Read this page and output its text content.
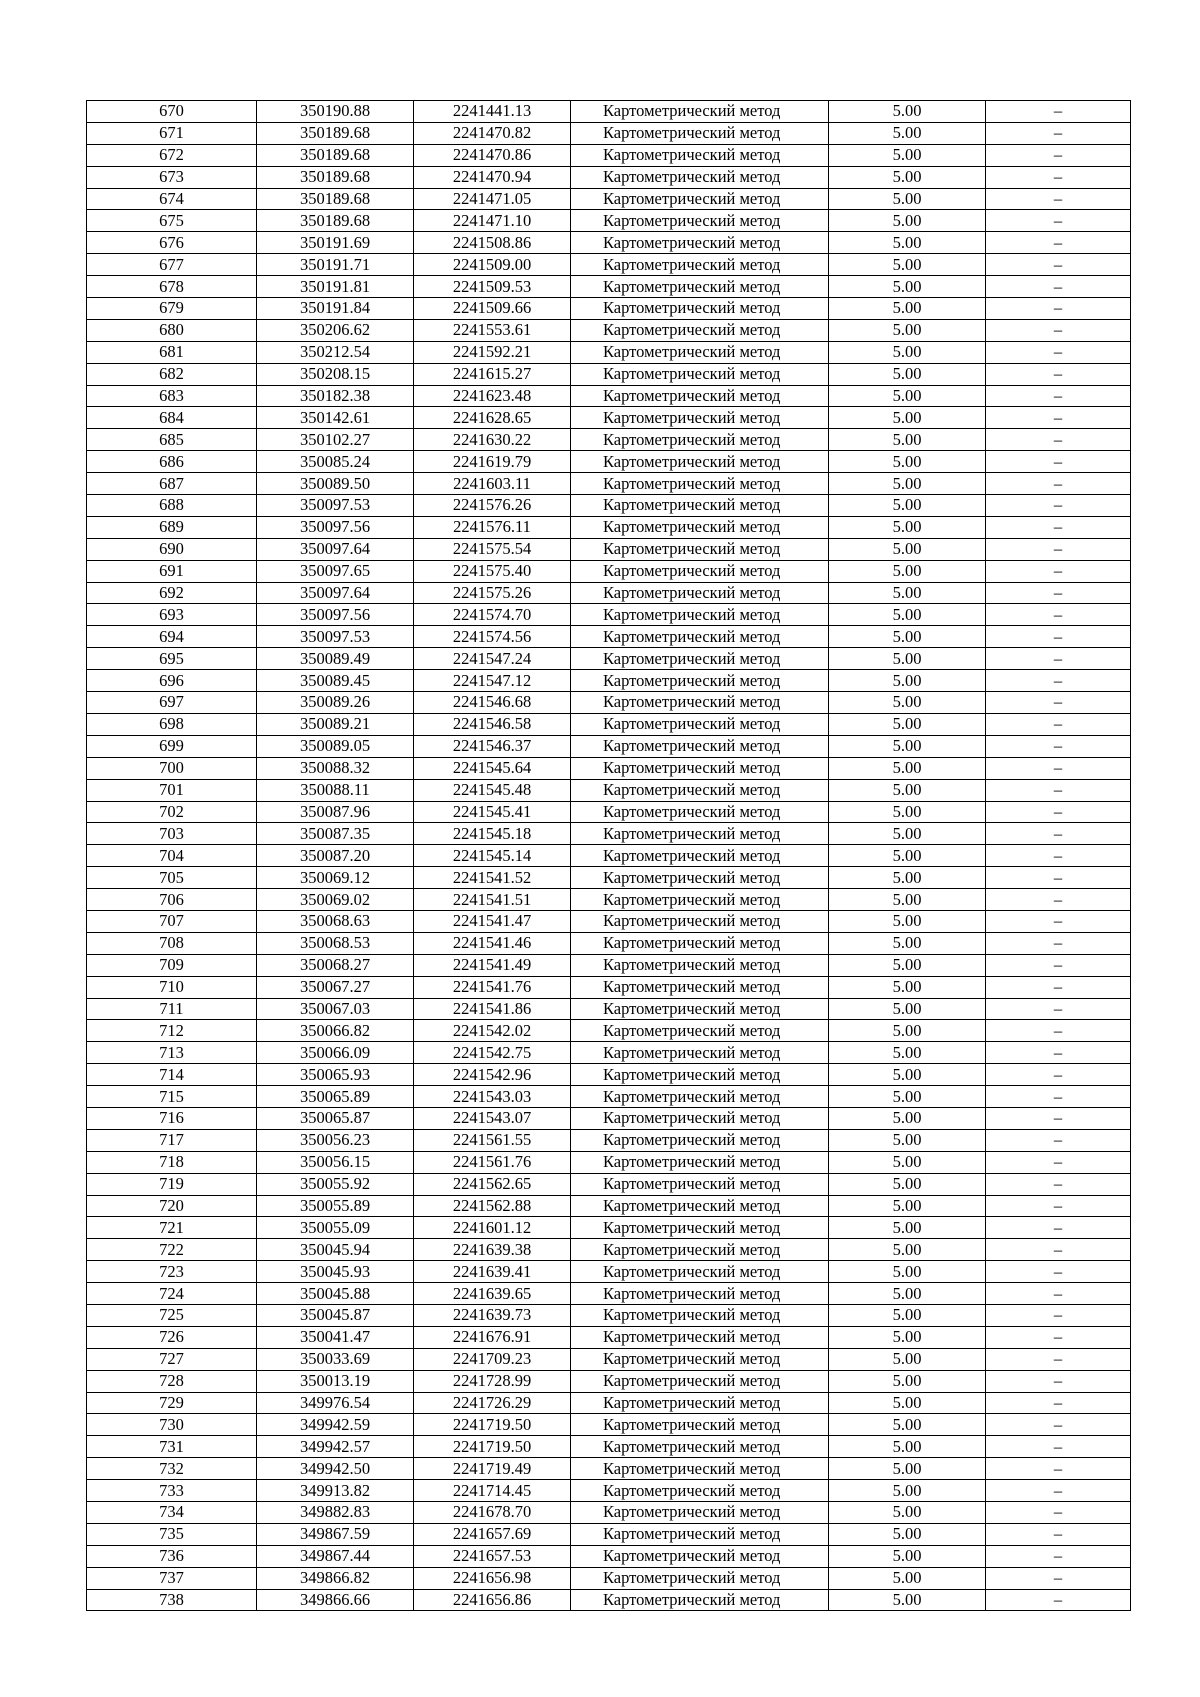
670	350190.88	2241441.13	Картометрический метод	5.00	–
671	350189.68	2241470.82	Картометрический метод	5.00	–
672	350189.68	2241470.86	Картометрический метод	5.00	–
673	350189.68	2241470.94	Картометрический метод	5.00	–
674	350189.68	2241471.05	Картометрический метод	5.00	–
675	350189.68	2241471.10	Картометрический метод	5.00	–
676	350191.69	2241508.86	Картометрический метод	5.00	–
677	350191.71	2241509.00	Картометрический метод	5.00	–
678	350191.81	2241509.53	Картометрический метод	5.00	–
679	350191.84	2241509.66	Картометрический метод	5.00	–
680	350206.62	2241553.61	Картометрический метод	5.00	–
681	350212.54	2241592.21	Картометрический метод	5.00	–
682	350208.15	2241615.27	Картометрический метод	5.00	–
683	350182.38	2241623.48	Картометрический метод	5.00	–
684	350142.61	2241628.65	Картометрический метод	5.00	–
685	350102.27	2241630.22	Картометрический метод	5.00	–
686	350085.24	2241619.79	Картометрический метод	5.00	–
687	350089.50	2241603.11	Картометрический метод	5.00	–
688	350097.53	2241576.26	Картометрический метод	5.00	–
689	350097.56	2241576.11	Картометрический метод	5.00	–
690	350097.64	2241575.54	Картометрический метод	5.00	–
691	350097.65	2241575.40	Картометрический метод	5.00	–
692	350097.64	2241575.26	Картометрический метод	5.00	–
693	350097.56	2241574.70	Картометрический метод	5.00	–
694	350097.53	2241574.56	Картометрический метод	5.00	–
695	350089.49	2241547.24	Картометрический метод	5.00	–
696	350089.45	2241547.12	Картометрический метод	5.00	–
697	350089.26	2241546.68	Картометрический метод	5.00	–
698	350089.21	2241546.58	Картометрический метод	5.00	–
699	350089.05	2241546.37	Картометрический метод	5.00	–
700	350088.32	2241545.64	Картометрический метод	5.00	–
701	350088.11	2241545.48	Картометрический метод	5.00	–
702	350087.96	2241545.41	Картометрический метод	5.00	–
703	350087.35	2241545.18	Картометрический метод	5.00	–
704	350087.20	2241545.14	Картометрический метод	5.00	–
705	350069.12	2241541.52	Картометрический метод	5.00	–
706	350069.02	2241541.51	Картометрический метод	5.00	–
707	350068.63	2241541.47	Картометрический метод	5.00	–
708	350068.53	2241541.46	Картометрический метод	5.00	–
709	350068.27	2241541.49	Картометрический метод	5.00	–
710	350067.27	2241541.76	Картометрический метод	5.00	–
711	350067.03	2241541.86	Картометрический метод	5.00	–
712	350066.82	2241542.02	Картометрический метод	5.00	–
713	350066.09	2241542.75	Картометрический метод	5.00	–
714	350065.93	2241542.96	Картометрический метод	5.00	–
715	350065.89	2241543.03	Картометрический метод	5.00	–
716	350065.87	2241543.07	Картометрический метод	5.00	–
717	350056.23	2241561.55	Картометрический метод	5.00	–
718	350056.15	2241561.76	Картометрический метод	5.00	–
719	350055.92	2241562.65	Картометрический метод	5.00	–
720	350055.89	2241562.88	Картометрический метод	5.00	–
721	350055.09	2241601.12	Картометрический метод	5.00	–
722	350045.94	2241639.38	Картометрический метод	5.00	–
723	350045.93	2241639.41	Картометрический метод	5.00	–
724	350045.88	2241639.65	Картометрический метод	5.00	–
725	350045.87	2241639.73	Картометрический метод	5.00	–
726	350041.47	2241676.91	Картометрический метод	5.00	–
727	350033.69	2241709.23	Картометрический метод	5.00	–
728	350013.19	2241728.99	Картометрический метод	5.00	–
729	349976.54	2241726.29	Картометрический метод	5.00	–
730	349942.59	2241719.50	Картометрический метод	5.00	–
731	349942.57	2241719.50	Картометрический метод	5.00	–
732	349942.50	2241719.49	Картометрический метод	5.00	–
733	349913.82	2241714.45	Картометрический метод	5.00	–
734	349882.83	2241678.70	Картометрический метод	5.00	–
735	349867.59	2241657.69	Картометрический метод	5.00	–
736	349867.44	2241657.53	Картометрический метод	5.00	–
737	349866.82	2241656.98	Картометрический метод	5.00	–
738	349866.66	2241656.86	Картометрический метод	5.00	–
